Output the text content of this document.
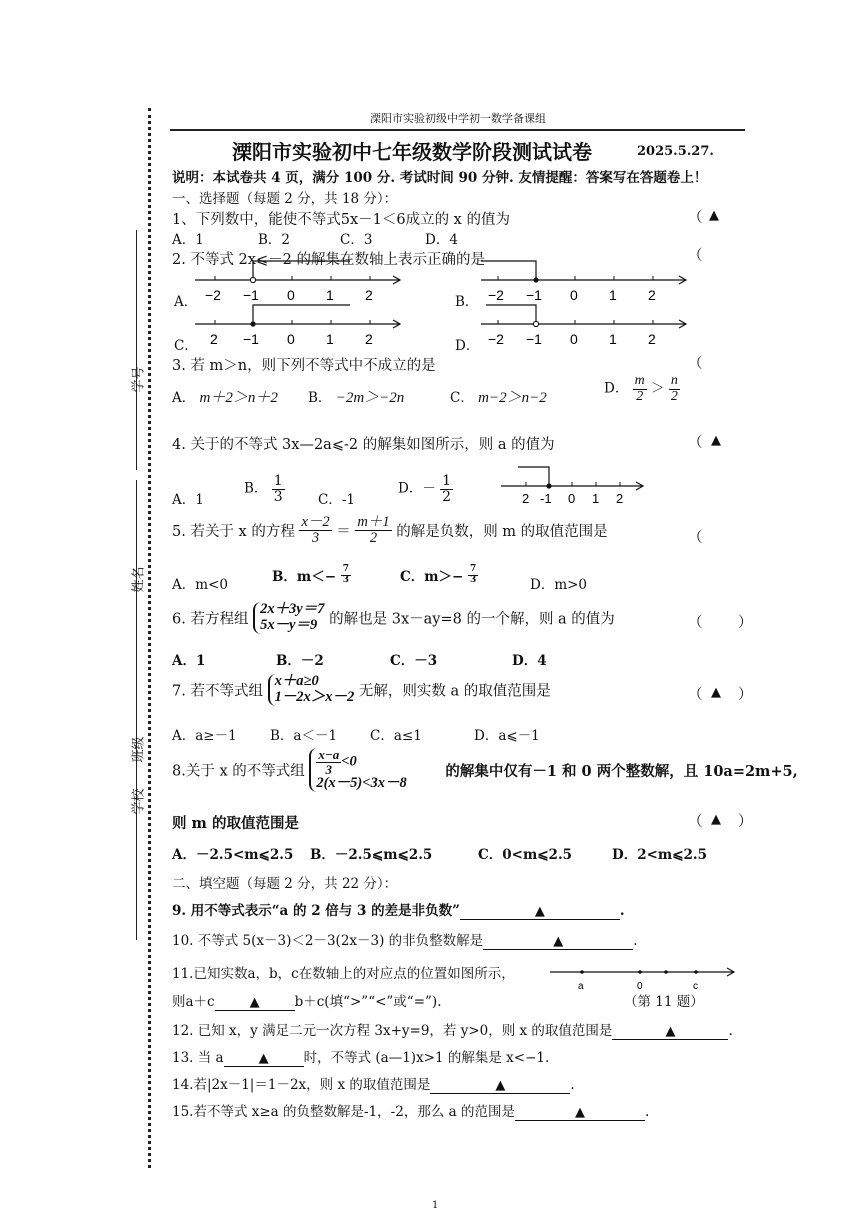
学号
姓名
班级
学校
溧阳市实验初级中学初一数学备课组
溧阳市实验初中七年级数学阶段测试试卷	2025.5.27.
说明：本试卷共 4 页，满分 100 分. 考试时间 90 分钟. 友情提醒：答案写在答题卷上！
一、选择题（每题 2 分，共 18 分）：
1、下列数中，能使不等式5x－1＜6成立的 x 的值为	（ ▲
A．1	B．2	C．3	D．4
2. 不等式 2x⩽－2 的解集在数轴上表示正确的是	（
A． −2 −1 0 1 2	B． −2 −1 0 1 2
C． 2 −1 0 1 2	D． −2 −1 0 1 2
3. 若 m＞n，则下列不等式中不成立的是	（
A． m＋2＞n＋2 B． −2m＞−2n	C． m−2＞n−2
D． $\frac{m}{2} > \frac{n}{2}$
4. 关于的不等式 3x—2a⩽-2 的解集如图所示，则 a 的值为	（ ▲
A．1
B． $\frac{1}{3}$ C．-1
D．－ $\frac{1}{2}$	2 -1 0 1 2
5. 若关于 x 的方程 $\frac{x-2}{3} = \frac{m+1}{2}$ 的解是负数，则 m 的取值范围是	（
A．m<0	B．$m<- \frac{7}{3}$	C．$m>- \frac{7}{3}$
D．m>0
6. 若方程组
2x＋3y＝7
5x－y＝9 的解也是 3x－ay=8 的一个解，则 a 的值为	（ ）
A．1	B．－2	C．－3	D．4
7. 若不等式组
x＋a≥0
1－2x＞x－2 无解，则实数 a 的取值范围是	（ ▲ ）
A．a≥－1 B．a＜－1 C．a≤1	D．a⩽－1
8.关于 x 的不等式组 $\frac{x-a}{3} <0$
2(x－5)<3x－8
的解集中仅有－1 和 0 两个整数解，且 10a=2m+5,
则 m 的取值范围是	（ ▲ ）
A．－2.5<m⩽2.5 B．－2.5⩽m⩽2.5	C．0<m⩽2.5	D．2<m⩽2.5
二、填空题（每题 2 分，共 22 分）：
9. 用不等式表示“a 的 2 倍与 3 的差是非负数”	▲	.
10. 不等式 5(x－3)＜2－3(2x－3) 的非负整数解是	▲	.
11.已知实数a，b，c在数轴上的对应点的位置如图所示，
则a＋c	▲	b＋c(填“>”“<”或“=”).
a	0	c
（第 11 题）
12. 已知 x，y 满足二元一次方程 3x+y=9，若 y>0，则 x 的取值范围是	▲	.
13. 当 a	▲	时，不等式 (a—1)x>1 的解集是 x<−1.
14.若|2x－1|＝1－2x，则 x 的取值范围是	▲	.
15.若不等式 x≥a 的负整数解是-1，-2，那么 a 的范围是	▲	.
1
